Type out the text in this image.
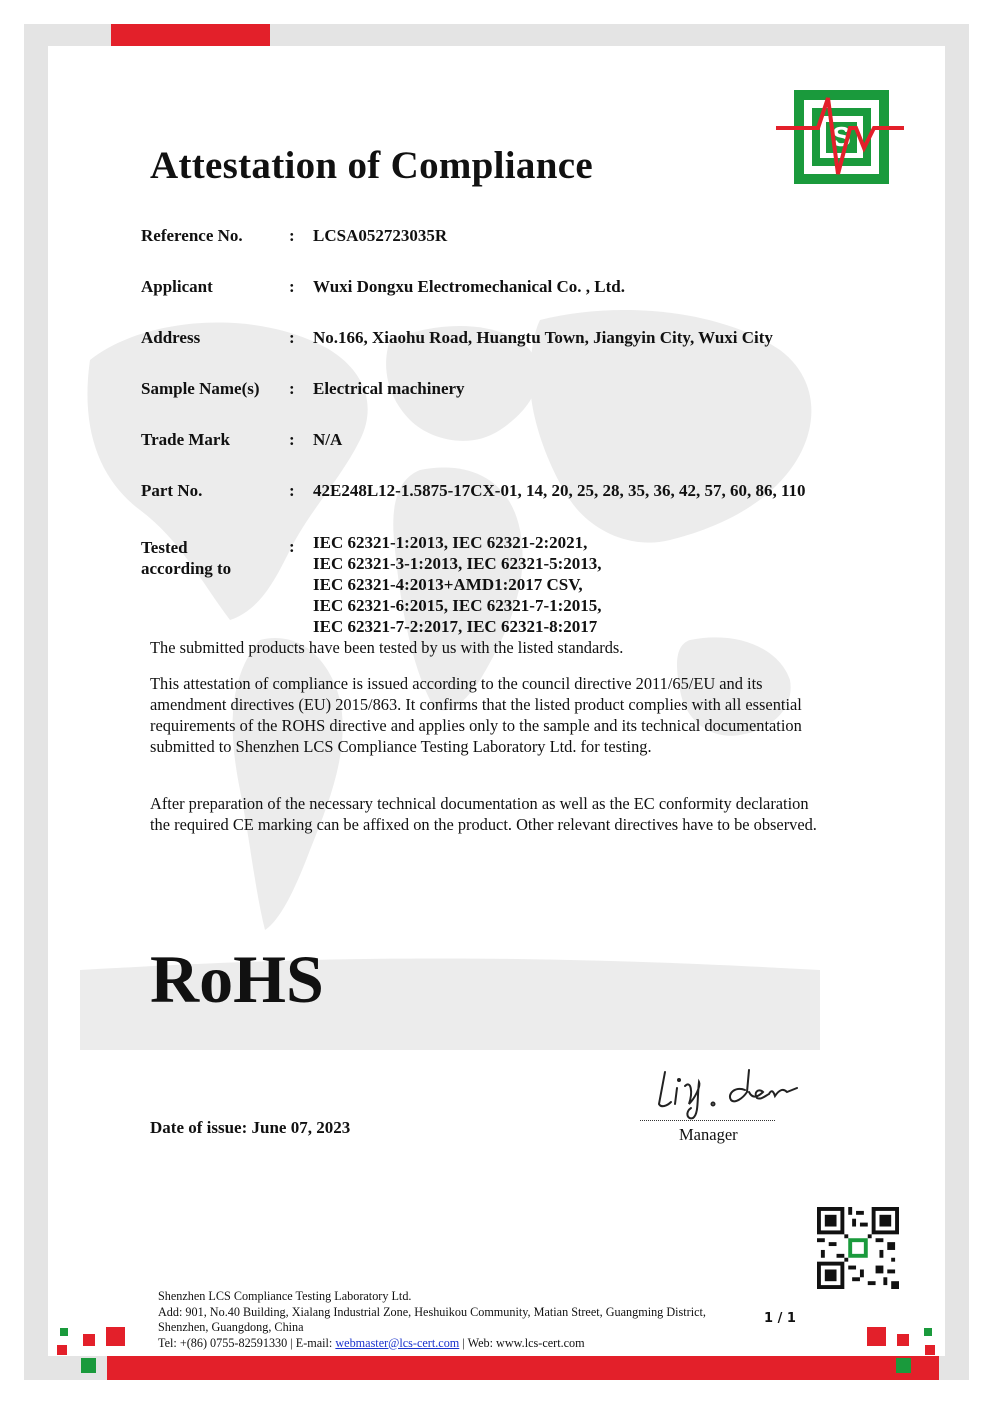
Attestation of Compliance
S
Reference No.	: LCSA052723035R
Applicant	: Wuxi Dongxu Electromechanical Co. , Ltd.
Address	: No.166, Xiaohu Road, Huangtu Town, Jiangyin City, Wuxi City
Sample Name(s)	: Electrical machinery
Trade Mark	: N/A
Part No.	: 42E248L12-1.5875-17CX-01, 14, 20, 25, 28, 35, 36, 42, 57, 60, 86, 110
Tested
according to
: IEC 62321-1:2013, IEC 62321-2:2021,
IEC 62321-3-1:2013, IEC 62321-5:2013,
IEC 62321-4:2013+AMD1:2017 CSV,
IEC 62321-6:2015, IEC 62321-7-1:2015,
IEC 62321-7-2:2017, IEC 62321-8:2017
The submitted products have been tested by us with the listed standards.
This attestation of compliance is issued according to the council directive 2011/65/EU and its amendment directives (EU) 2015/863. It confirms that the listed product complies with all essential requirements of the ROHS directive and applies only to the sample and its technical documentation submitted to Shenzhen LCS Compliance Testing Laboratory Ltd. for testing.
After preparation of the necessary technical documentation as well as the EC conformity declaration the required CE marking can be affixed on the product. Other relevant directives have to be observed.
RoHS
Date of issue: June 07, 2023	Manager
Shenzhen LCS Compliance Testing Laboratory Ltd.
Add: 901, No.40 Building, Xialang Industrial Zone, Heshuikou Community, Matian Street, Guangming District,
Shenzhen, Guangdong, China
Tel: +(86) 0755-82591330 | E-mail: webmaster@lcs-cert.com | Web: www.lcs-cert.com
1 / 1
